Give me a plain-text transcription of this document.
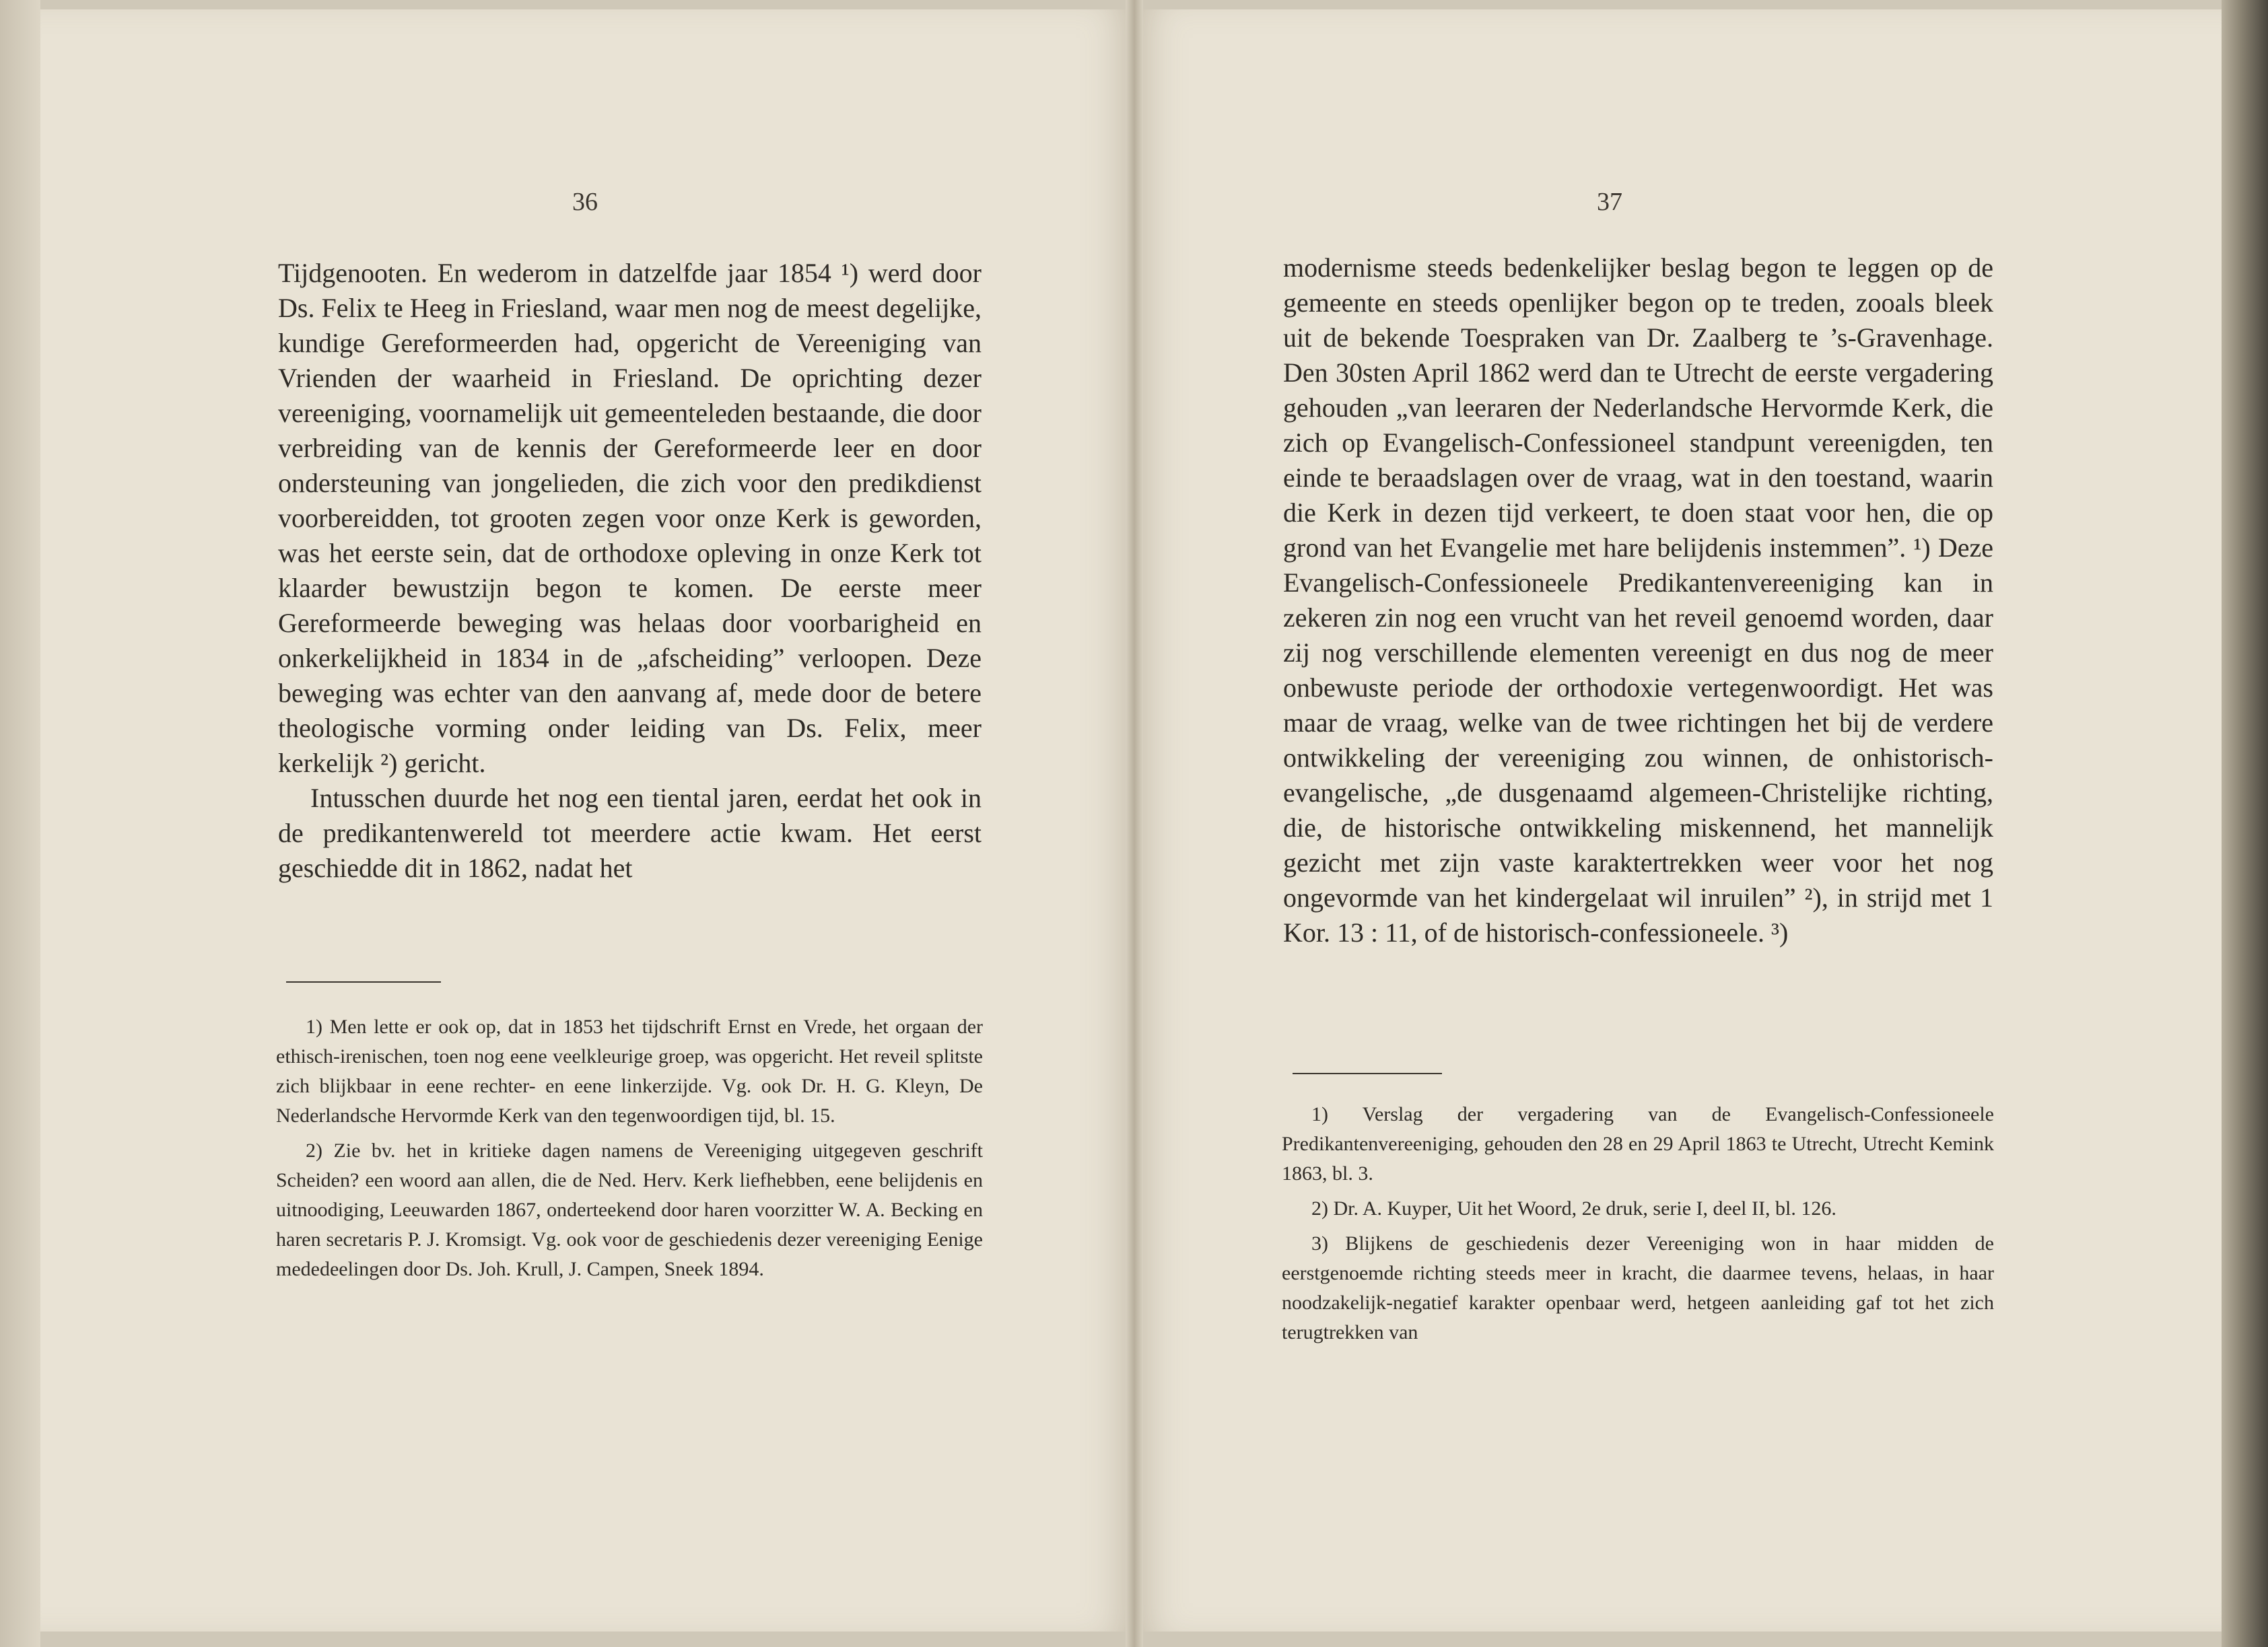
36

Tijdgenooten. En wederom in datzelfde jaar 1854 ¹) werd door Ds. Felix te Heeg in Friesland, waar men nog de meest degelijke, kundige Gereformeerden had, opgericht de Vereeniging van Vrienden der waarheid in Friesland. De oprichting dezer vereeniging, voornamelijk uit gemeenteleden bestaande, die door verbreiding van de kennis der Gereformeerde leer en door ondersteuning van jongelieden, die zich voor den predikdienst voorbereidden, tot grooten zegen voor onze Kerk is geworden, was het eerste sein, dat de orthodoxe opleving in onze Kerk tot klaarder bewustzijn begon te komen. De eerste meer Gereformeerde beweging was helaas door voorbarigheid en onkerkelijkheid in 1834 in de „afscheiding” verloopen. Deze beweging was echter van den aanvang af, mede door de betere theologische vorming onder leiding van Ds. Felix, meer kerkelijk ²) gericht.

Intusschen duurde het nog een tiental jaren, eerdat het ook in de predikantenwereld tot meerdere actie kwam. Het eerst geschiedde dit in 1862, nadat het

1) Men lette er ook op, dat in 1853 het tijdschrift Ernst en Vrede, het orgaan der ethisch-irenischen, toen nog eene veelkleurige groep, was opgericht. Het reveil splitste zich blijkbaar in eene rechter- en eene linkerzijde. Vg. ook Dr. H. G. Kleyn, De Nederlandsche Hervormde Kerk van den tegenwoordigen tijd, bl. 15.

2) Zie bv. het in kritieke dagen namens de Vereeniging uitgegeven geschrift Scheiden? een woord aan allen, die de Ned. Herv. Kerk liefhebben, eene belijdenis en uitnoodiging, Leeuwarden 1867, onderteekend door haren voorzitter W. A. Becking en haren secretaris P. J. Kromsigt. Vg. ook voor de geschiedenis dezer vereeniging Eenige mededeelingen door Ds. Joh. Krull, J. Campen, Sneek 1894.

37

modernisme steeds bedenkelijker beslag begon te leggen op de gemeente en steeds openlijker begon op te treden, zooals bleek uit de bekende Toespraken van Dr. Zaalberg te ’s-Gravenhage. Den 30sten April 1862 werd dan te Utrecht de eerste vergadering gehouden „van leeraren der Nederlandsche Hervormde Kerk, die zich op Evangelisch-Confessioneel standpunt vereenigden, ten einde te beraadslagen over de vraag, wat in den toestand, waarin die Kerk in dezen tijd verkeert, te doen staat voor hen, die op grond van het Evangelie met hare belijdenis instemmen”. ¹) Deze Evangelisch-Confessioneele Predikantenvereeniging kan in zekeren zin nog een vrucht van het reveil genoemd worden, daar zij nog verschillende elementen vereenigt en dus nog de meer onbewuste periode der orthodoxie vertegenwoordigt. Het was maar de vraag, welke van de twee richtingen het bij de verdere ontwikkeling der vereeniging zou winnen, de onhistorisch-evangelische, „de dusgenaamd algemeen-Christelijke richting, die, de historische ontwikkeling miskennend, het mannelijk gezicht met zijn vaste karaktertrekken weer voor het nog ongevormde van het kindergelaat wil inruilen” ²), in strijd met 1 Kor. 13 : 11, of de historisch-confessioneele. ³)

1) Verslag der vergadering van de Evangelisch-Confessioneele Predikantenvereeniging, gehouden den 28 en 29 April 1863 te Utrecht, Utrecht Kemink 1863, bl. 3.

2) Dr. A. Kuyper, Uit het Woord, 2e druk, serie I, deel II, bl. 126.

3) Blijkens de geschiedenis dezer Vereeniging won in haar midden de eerstgenoemde richting steeds meer in kracht, die daarmee tevens, helaas, in haar noodzakelijk-negatief karakter openbaar werd, hetgeen aanleiding gaf tot het zich terugtrekken van
